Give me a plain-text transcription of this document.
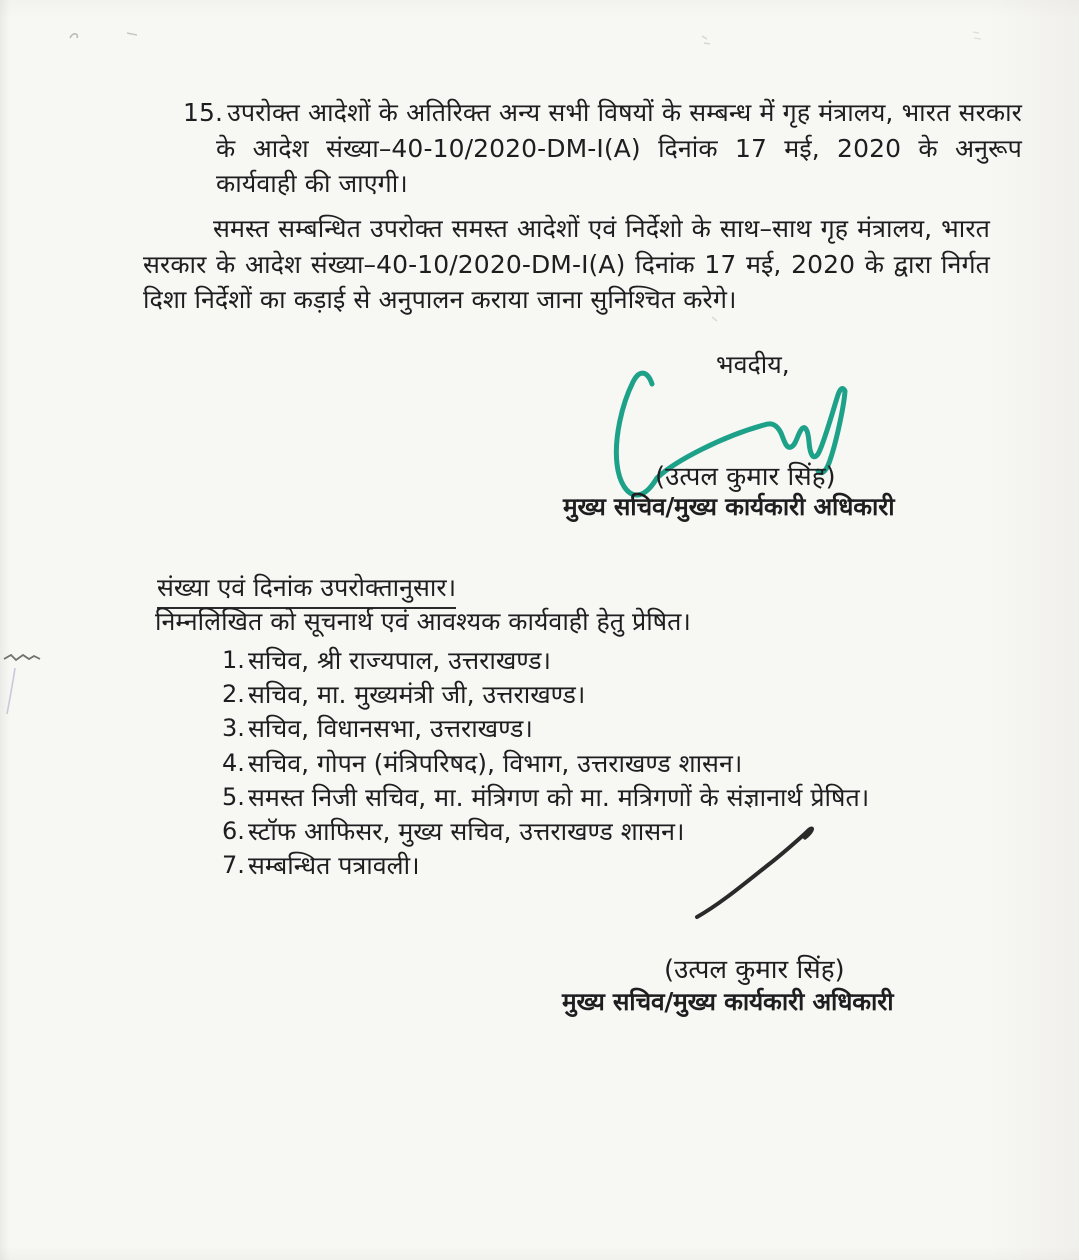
15. उपरोक्त आदेशों के अतिरिक्त अन्य सभी विषयों के सम्बन्ध में गृह मंत्रालय, भारत सरकार के आदेश संख्या–40-10/2020-DM-I(A) दिनांक 17 मई, 2020 के अनुरूप कार्यवाही की जाएगी।
समस्त सम्बन्धित उपरोक्त समस्त आदेशों एवं निर्देशो के साथ–साथ गृह मंत्रालय, भारत सरकार के आदेश संख्या–40-10/2020-DM-I(A) दिनांक 17 मई, 2020 के द्वारा निर्गत दिशा निर्देशों का कड़ाई से अनुपालन कराया जाना सुनिश्चित करेगे।
भवदीय,
(उत्पल कुमार सिंह)
मुख्य सचिव/मुख्य कार्यकारी अधिकारी
संख्या एवं दिनांक उपरोक्तानुसार।
निम्नलिखित को सूचनार्थ एवं आवश्यक कार्यवाही हेतु प्रेषित।
1. सचिव, श्री राज्यपाल, उत्तराखण्ड।
2. सचिव, मा. मुख्यमंत्री जी, उत्तराखण्ड।
3. सचिव, विधानसभा, उत्तराखण्ड।
4. सचिव, गोपन (मंत्रिपरिषद), विभाग, उत्तराखण्ड शासन।
5. समस्त निजी सचिव, मा. मंत्रिगण को मा. मत्रिगणों के संज्ञानार्थ प्रेषित।
6. स्टॉफ आफिसर, मुख्य सचिव, उत्तराखण्ड शासन।
7. सम्बन्धित पत्रावली।
(उत्पल कुमार सिंह)
मुख्य सचिव/मुख्य कार्यकारी अधिकारी
